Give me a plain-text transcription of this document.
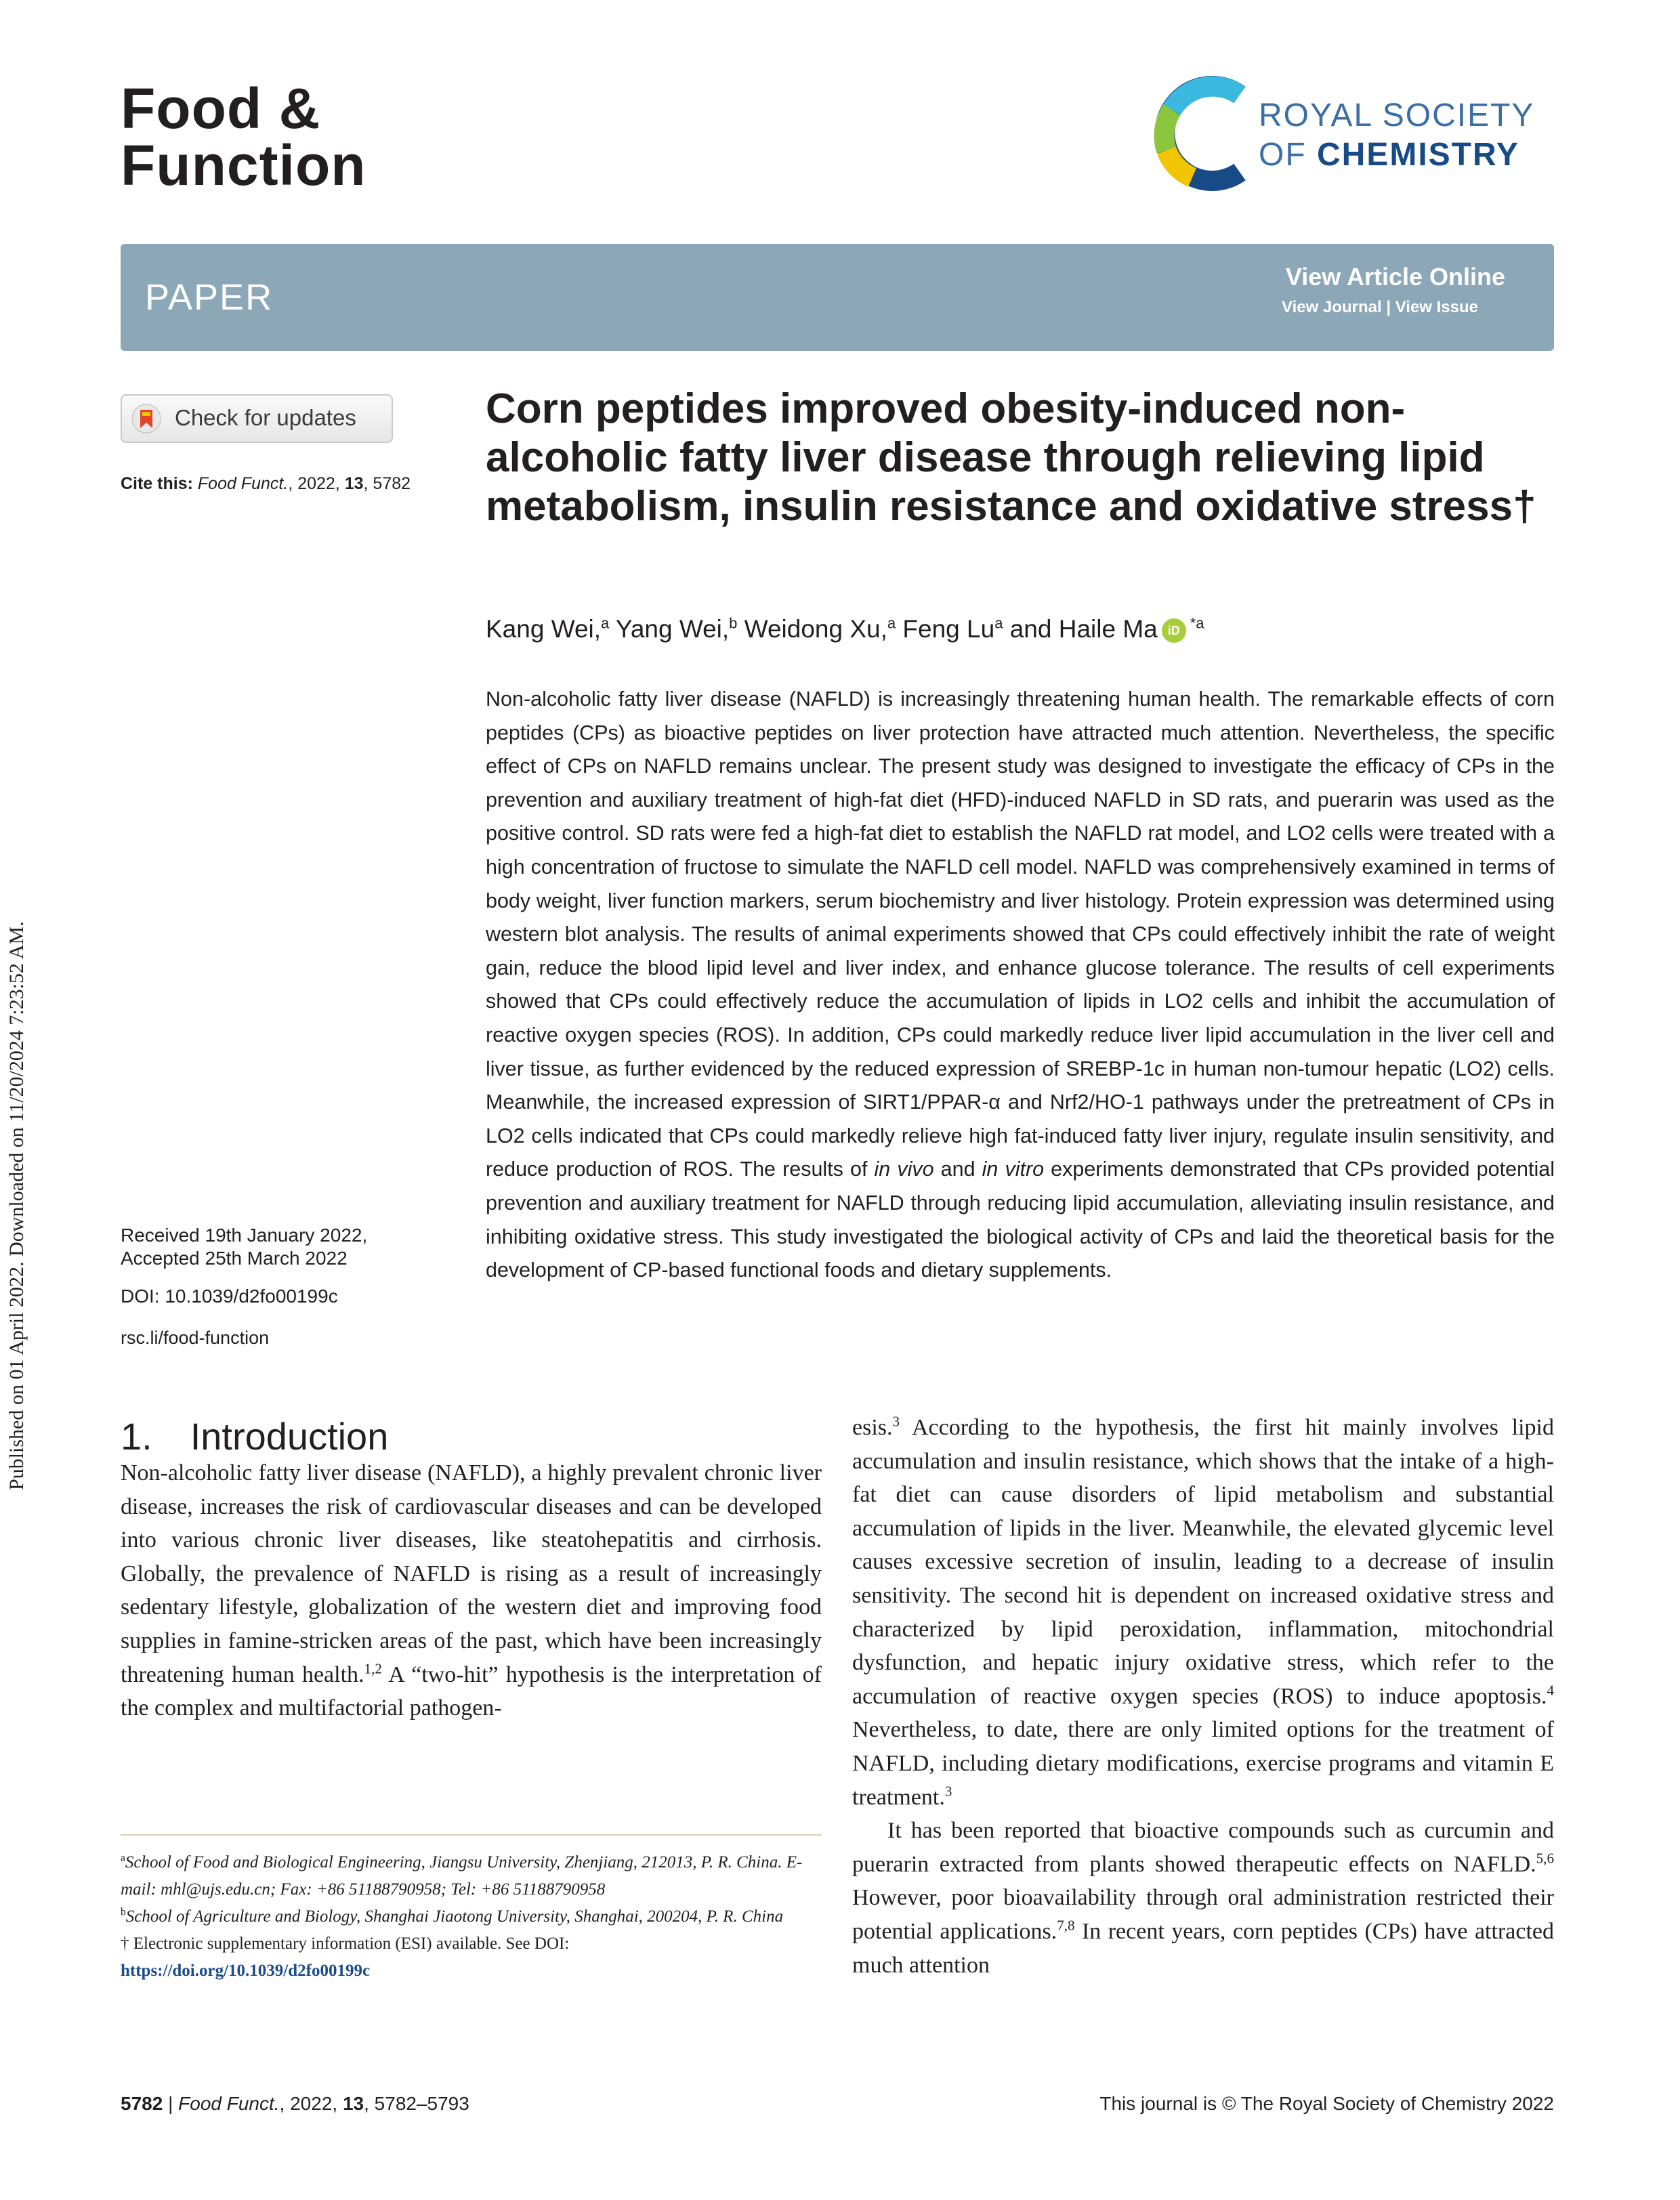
Food &
Function
ROYAL SOCIETY
OF CHEMISTRY
PAPER
View Article Online
View Journal | View Issue
Check for updates
Cite this: Food Funct., 2022, 13, 5782
Received 19th January 2022,
Accepted 25th March 2022
DOI: 10.1039/d2fo00199c
rsc.li/food-function
Published on 01 April 2022. Downloaded on 11/20/2024 7:23:52 AM.
Corn peptides improved obesity-induced non-alcoholic fatty liver disease through relieving lipid metabolism, insulin resistance and oxidative stress†
Kang Wei,$^a$ Yang Wei,$^b$ Weidong Xu,$^a$ Feng Lu$^a$ and Haile Ma iD $^{*a}$
Non-alcoholic fatty liver disease (NAFLD) is increasingly threatening human health. The remarkable effects of corn peptides (CPs) as bioactive peptides on liver protection have attracted much attention. Nevertheless, the specific effect of CPs on NAFLD remains unclear. The present study was designed to investigate the efficacy of CPs in the prevention and auxiliary treatment of high-fat diet (HFD)-induced NAFLD in SD rats, and puerarin was used as the positive control. SD rats were fed a high-fat diet to establish the NAFLD rat model, and LO2 cells were treated with a high concentration of fructose to simulate the NAFLD cell model. NAFLD was comprehensively examined in terms of body weight, liver function markers, serum biochemistry and liver histology. Protein expression was determined using western blot analysis. The results of animal experiments showed that CPs could effectively inhibit the rate of weight gain, reduce the blood lipid level and liver index, and enhance glucose tolerance. The results of cell experiments showed that CPs could effectively reduce the accumulation of lipids in LO2 cells and inhibit the accumulation of reactive oxygen species (ROS). In addition, CPs could markedly reduce liver lipid accumulation in the liver cell and liver tissue, as further evidenced by the reduced expression of SREBP-1c in human non-tumour hepatic (LO2) cells. Meanwhile, the increased expression of SIRT1/PPAR-α and Nrf2/HO-1 pathways under the pretreatment of CPs in LO2 cells indicated that CPs could markedly relieve high fat-induced fatty liver injury, regulate insulin sensitivity, and reduce production of ROS. The results of in vivo and in vitro experiments demonstrated that CPs provided potential prevention and auxiliary treatment for NAFLD through reducing lipid accumulation, alleviating insulin resistance, and inhibiting oxidative stress. This study investigated the biological activity of CPs and laid the theoretical basis for the development of CP-based functional foods and dietary supplements.
1. Introduction

Non-alcoholic fatty liver disease (NAFLD), a highly prevalent chronic liver disease, increases the risk of cardiovascular diseases and can be developed into various chronic liver diseases, like steatohepatitis and cirrhosis. Globally, the prevalence of NAFLD is rising as a result of increasingly sedentary lifestyle, globalization of the western diet and improving food supplies in famine-stricken areas of the past, which have been increasingly threatening human health.$^{1,2}$ A “two-hit” hypothesis is the interpretation of the complex and multifactorial pathogen-

esis.$^3$ According to the hypothesis, the first hit mainly involves lipid accumulation and insulin resistance, which shows that the intake of a high-fat diet can cause disorders of lipid metabolism and substantial accumulation of lipids in the liver. Meanwhile, the elevated glycemic level causes excessive secretion of insulin, leading to a decrease of insulin sensitivity. The second hit is dependent on increased oxidative stress and characterized by lipid peroxidation, inflammation, mitochondrial dysfunction, and hepatic injury oxidative stress, which refer to the accumulation of reactive oxygen species (ROS) to induce apoptosis.$^4$ Nevertheless, to date, there are only limited options for the treatment of NAFLD, including dietary modifications, exercise programs and vitamin E treatment.$^3$

It has been reported that bioactive compounds such as curcumin and puerarin extracted from plants showed therapeutic effects on NAFLD.$^{5,6}$ However, poor bioavailability through oral administration restricted their potential applications.$^{7,8}$ In recent years, corn peptides (CPs) have attracted much attention

$^a$School of Food and Biological Engineering, Jiangsu University, Zhenjiang, 212013, P. R. China. E-mail: mhl@ujs.edu.cn; Fax: +86 51188790958; Tel: +86 51188790958

$^b$School of Agriculture and Biology, Shanghai Jiaotong University, Shanghai, 200204, P. R. China

† Electronic supplementary information (ESI) available. See DOI: https://doi.org/10.1039/d2fo00199c

5782 | Food Funct., 2022, 13, 5782–5793	This journal is © The Royal Society of Chemistry 2022
